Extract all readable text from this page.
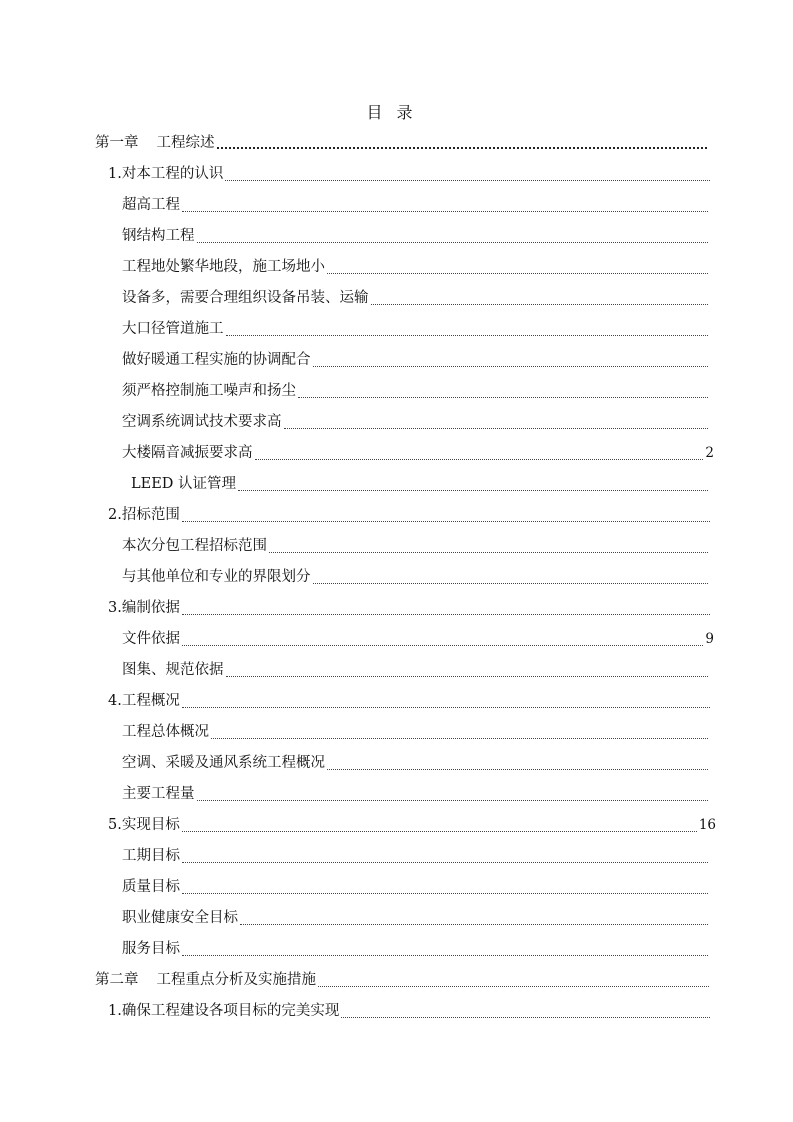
目录
第一章 工程综述
1.对本工程的认识
超高工程
钢结构工程
工程地处繁华地段，施工场地小
设备多，需要合理组织设备吊装、运输
大口径管道施工
做好暖通工程实施的协调配合
须严格控制施工噪声和扬尘
空调系统调试技术要求高
大楼隔音减振要求高	2
LEED 认证管理
2.招标范围
本次分包工程招标范围
与其他单位和专业的界限划分
3.编制依据
文件依据	9
图集、规范依据
4.工程概况
工程总体概况
空调、采暖及通风系统工程概况
主要工程量
5.实现目标	16
工期目标
质量目标
职业健康安全目标
服务目标
第二章 工程重点分析及实施措施
1.确保工程建设各项目标的完美实现
